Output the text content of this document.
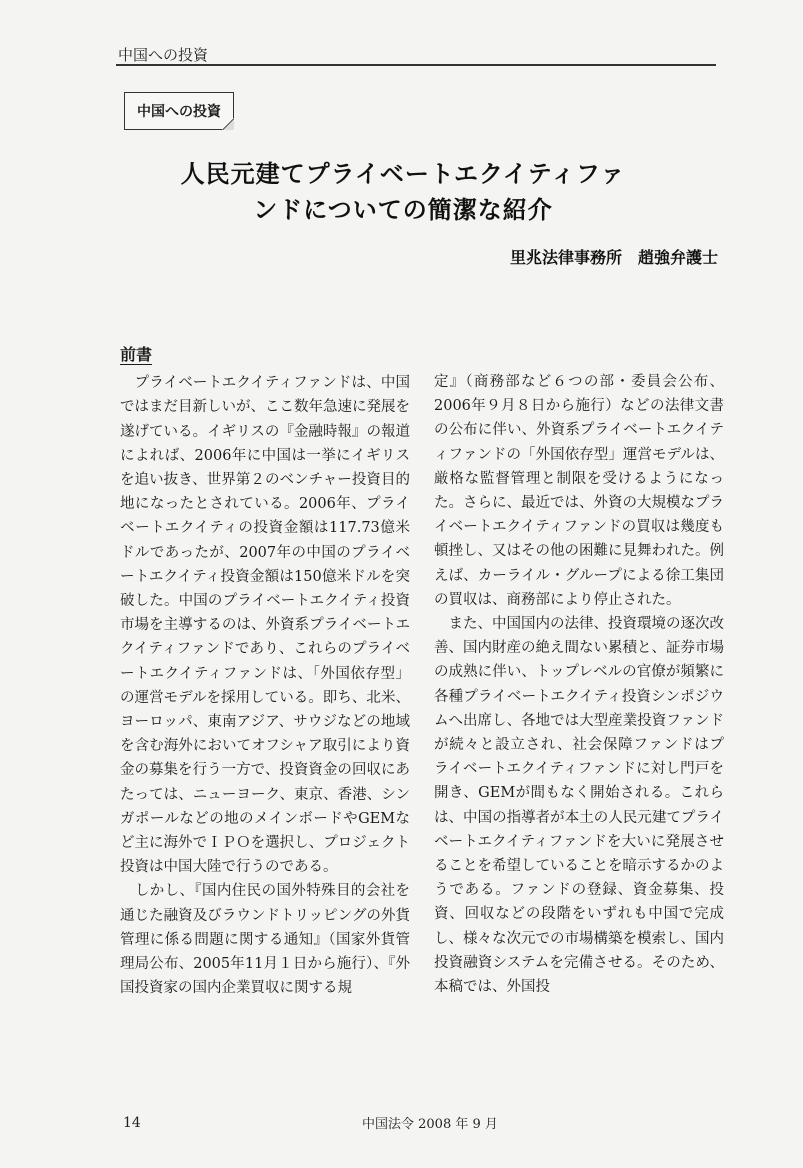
中国への投資
中国への投資
人民元建てプライベートエクイティファ
ンドについての簡潔な紹介
里兆法律事務所　趙強弁護士
前書

　プライベートエクイティファンドは、中国ではまだ目新しいが、ここ数年急速に発展を遂げている。イギリスの『金融時報』の報道によれば、2006年に中国は一挙にイギリスを追い抜き、世界第２のベンチャー投資目的地になったとされている。2006年、プライベートエクイティの投資金額は117.73億米ドルであったが、2007年の中国のプライベートエクイティ投資金額は150億米ドルを突破した。中国のプライベートエクイティ投資市場を主導するのは、外資系プライベートエクイティファンドであり、これらのプライベートエクイティファンドは、「外国依存型」の運営モデルを採用している。即ち、北米、ヨーロッパ、東南アジア、サウジなどの地域を含む海外においてオフシャア取引により資金の募集を行う一方で、投資資金の回収にあたっては、ニューヨーク、東京、香港、シンガポールなどの地のメインボードやGEMなど主に海外でＩＰＯを選択し、プロジェクト投資は中国大陸で行うのである。

　しかし、『国内住民の国外特殊目的会社を通じた融資及びラウンドトリッピングの外貨管理に係る問題に関する通知』（国家外貨管理局公布、2005年11月１日から施行）、『外国投資家の国内企業買収に関する規

定』（商務部など６つの部・委員会公布、2006年９月８日から施行）などの法律文書の公布に伴い、外資系プライベートエクイティファンドの「外国依存型」運営モデルは、厳格な監督管理と制限を受けるようになった。さらに、最近では、外資の大規模なプライベートエクイティファンドの買収は幾度も頓挫し、又はその他の困難に見舞われた。例えば、カーライル・グループによる徐工集団の買収は、商務部により停止された。

　また、中国国内の法律、投資環境の逐次改善、国内財産の絶え間ない累積と、証券市場の成熟に伴い、トップレベルの官僚が頻繁に各種プライベートエクイティ投資シンポジウムへ出席し、各地では大型産業投資ファンドが続々と設立され、社会保障ファンドはプライベートエクイティファンドに対し門戸を開き、GEMが間もなく開始される。これらは、中国の指導者が本土の人民元建てプライベートエクイティファンドを大いに発展させることを希望していることを暗示するかのようである。ファンドの登録、資金募集、投資、回収などの段階をいずれも中国で完成し、様々な次元での市場構築を模索し、国内投資融資システムを完備させる。そのため、本稿では、外国投

14	中国法令 2008 年 9 月
